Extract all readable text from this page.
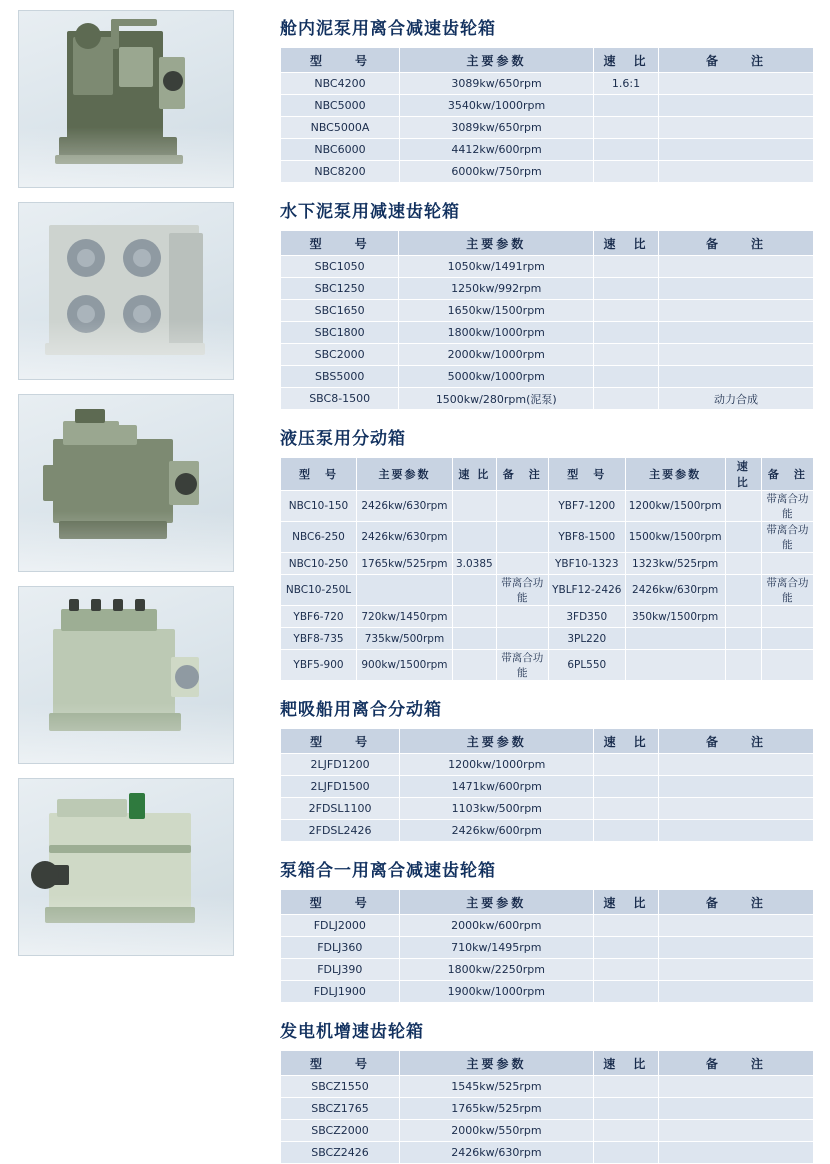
舱内泥泵用离合减速齿轮箱
型　　号	主要参数	速　比	备　　注
NBC4200	3089kw/650rpm	1.6:1	
NBC5000	3540kw/1000rpm		
NBC5000A	3089kw/650rpm		
NBC6000	4412kw/600rpm		
NBC8200	6000kw/750rpm		
水下泥泵用减速齿轮箱
型　　号	主要参数	速　比	备　　注
SBC1050	1050kw/1491rpm		
SBC1250	1250kw/992rpm		
SBC1650	1650kw/1500rpm		
SBC1800	1800kw/1000rpm		
SBC2000	2000kw/1000rpm		
SBS5000	5000kw/1000rpm		
SBC8-1500	1500kw/280rpm(泥泵)		动力合成
液压泵用分动箱
型　号	主要参数	速 比	备　注	型　号	主要参数	速 比	备　注
NBC10-150	2426kw/630rpm			YBF7-1200	1200kw/1500rpm		带离合功能
NBC6-250	2426kw/630rpm			YBF8-1500	1500kw/1500rpm		带离合功能
NBC10-250	1765kw/525rpm	3.0385		YBF10-1323	1323kw/525rpm		
NBC10-250L			带离合功能	YBLF12-2426	2426kw/630rpm		带离合功能
YBF6-720	720kw/1450rpm			3FD350	350kw/1500rpm		
YBF8-735	735kw/500rpm			3PL220			
YBF5-900	900kw/1500rpm		带离合功能	6PL550			
耙吸船用离合分动箱
型　　号	主要参数	速　比	备　　注
2LJFD1200	1200kw/1000rpm		
2LJFD1500	1471kw/600rpm		
2FDSL1100	1103kw/500rpm		
2FDSL2426	2426kw/600rpm		
泵箱合一用离合减速齿轮箱
型　　号	主要参数	速　比	备　　注
FDLJ2000	2000kw/600rpm		
FDLJ360	710kw/1495rpm		
FDLJ390	1800kw/2250rpm		
FDLJ1900	1900kw/1000rpm		
发电机增速齿轮箱
型　　号	主要参数	速　比	备　　注
SBCZ1550	1545kw/525rpm		
SBCZ1765	1765kw/525rpm		
SBCZ2000	2000kw/550rpm		
SBCZ2426	2426kw/630rpm		
